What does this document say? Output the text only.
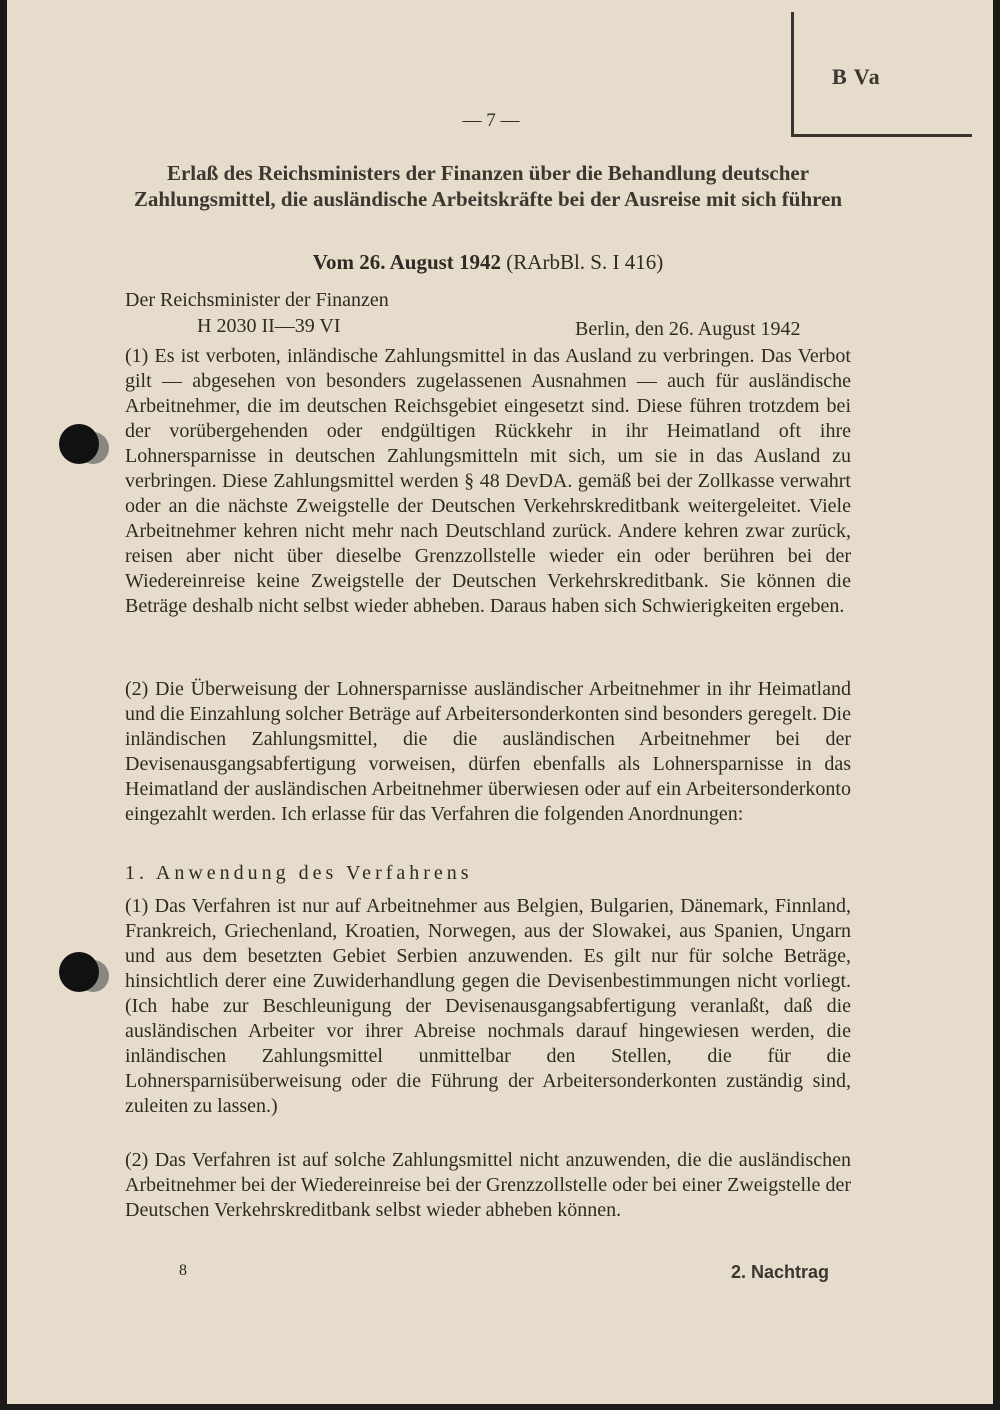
B Va
— 7 —
Erlaß des Reichsministers der Finanzen über die Behandlung deutscher Zahlungsmittel, die ausländische Arbeitskräfte bei der Ausreise mit sich führen
Vom 26. August 1942 (RArbBl. S. I 416)
Der Reichsminister der Finanzen
H 2030 II—39 VI	Berlin, den 26. August 1942

(1) Es ist verboten, inländische Zahlungsmittel in das Ausland zu verbringen. Das Verbot gilt — abgesehen von besonders zugelassenen Ausnahmen — auch für ausländische Arbeitnehmer, die im deutschen Reichsgebiet eingesetzt sind. Diese führen trotzdem bei der vorübergehenden oder endgültigen Rückkehr in ihr Heimatland oft ihre Lohnersparnisse in deutschen Zahlungsmitteln mit sich, um sie in das Ausland zu verbringen. Diese Zahlungsmittel werden § 48 DevDA. gemäß bei der Zollkasse verwahrt oder an die nächste Zweigstelle der Deutschen Verkehrskreditbank weitergeleitet. Viele Arbeitnehmer kehren nicht mehr nach Deutschland zurück. Andere kehren zwar zurück, reisen aber nicht über dieselbe Grenzzollstelle wieder ein oder berühren bei der Wiedereinreise keine Zweigstelle der Deutschen Verkehrskreditbank. Sie können die Beträge deshalb nicht selbst wieder abheben. Daraus haben sich Schwierigkeiten ergeben.

(2) Die Überweisung der Lohnersparnisse ausländischer Arbeitnehmer in ihr Heimatland und die Einzahlung solcher Beträge auf Arbeitersonderkonten sind besonders geregelt. Die inländischen Zahlungsmittel, die die ausländischen Arbeitnehmer bei der Devisenausgangsabfertigung vorweisen, dürfen ebenfalls als Lohnersparnisse in das Heimatland der ausländischen Arbeitnehmer überwiesen oder auf ein Arbeitersonderkonto eingezahlt werden. Ich erlasse für das Verfahren die folgenden Anordnungen:

1. Anwendung des Verfahrens

(1) Das Verfahren ist nur auf Arbeitnehmer aus Belgien, Bulgarien, Dänemark, Finnland, Frankreich, Griechenland, Kroatien, Norwegen, aus der Slowakei, aus Spanien, Ungarn und aus dem besetzten Gebiet Serbien anzuwenden. Es gilt nur für solche Beträge, hinsichtlich derer eine Zuwiderhandlung gegen die Devisenbestimmungen nicht vorliegt. (Ich habe zur Beschleunigung der Devisenausgangsabfertigung veranlaßt, daß die ausländischen Arbeiter vor ihrer Abreise nochmals darauf hingewiesen werden, die inländischen Zahlungsmittel unmittelbar den Stellen, die für die Lohnersparnisüberweisung oder die Führung der Arbeitersonderkonten zuständig sind, zuleiten zu lassen.)

(2) Das Verfahren ist auf solche Zahlungsmittel nicht anzuwenden, die die ausländischen Arbeitnehmer bei der Wiedereinreise bei der Grenzzollstelle oder bei einer Zweigstelle der Deutschen Verkehrskreditbank selbst wieder abheben können.

8	2. Nachtrag
